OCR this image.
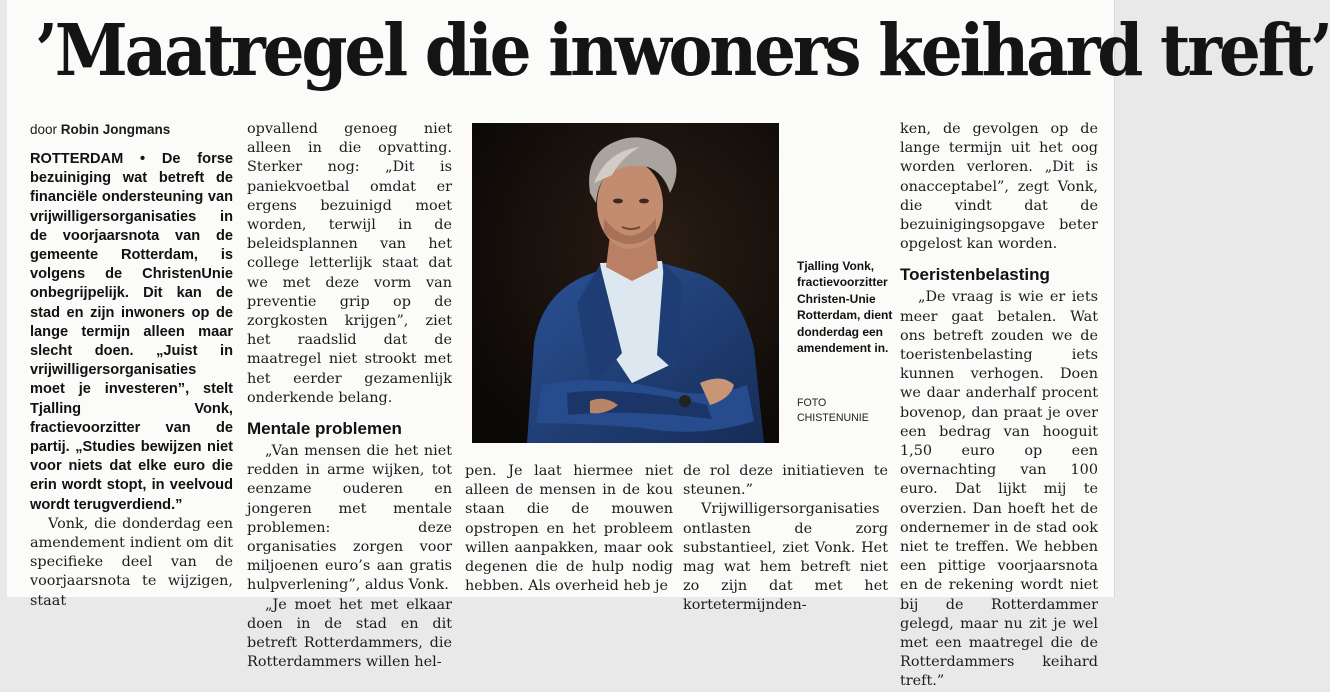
’Maatregel die inwoners keihard treft’

door Robin Jongmans

ROTTERDAM • De forse bezuiniging wat betreft de financiële ondersteuning van vrijwilligersorganisaties in de voorjaarsnota van de gemeente Rotterdam, is volgens de ChristenUnie onbegrijpelijk. Dit kan de stad en zijn inwoners op de lange termijn alleen maar slecht doen. „Juist in vrijwilligersorganisaties moet je investeren”, stelt Tjalling Vonk, fractievoorzitter van de partij. „Studies bewijzen niet voor niets dat elke euro die erin wordt stopt, in veelvoud wordt terugverdiend.”

Vonk, die donderdag een amendement indient om dit specifieke deel van de voorjaarsnota te wijzigen, staat

opvallend genoeg niet alleen in die opvatting. Sterker nog: „Dit is paniekvoetbal omdat er ergens bezuinigd moet worden, terwijl in de beleidsplannen van het college letterlijk staat dat we met deze vorm van preventie grip op de zorgkosten krijgen”, ziet het raadslid dat de maatregel niet strookt met het eerder gezamenlijk onderkende belang.

Mentale problemen

„Van mensen die het niet redden in arme wijken, tot eenzame ouderen en jongeren met mentale problemen: deze organisaties zorgen voor miljoenen euro’s aan gratis hulpverlening”, aldus Vonk.

„Je moet het met elkaar doen in de stad en dit betreft Rotterdammers, die Rotterdammers willen hel-

Tjalling Vonk, fractievoorzitter Christen-Unie Rotterdam, dient donderdag een amendement in.
FOTO CHISTENUNIE

pen. Je laat hiermee niet alleen de mensen in de kou staan die de mouwen opstropen en het probleem willen aanpakken, maar ook degenen die de hulp nodig hebben. Als overheid heb je

de rol deze initiatieven te steunen.”

Vrijwilligersorganisaties ontlasten de zorg substantieel, ziet Vonk. Het mag wat hem betreft niet zo zijn dat met het kortetermijnden-

ken, de gevolgen op de lange termijn uit het oog worden verloren. „Dit is onacceptabel”, zegt Vonk, die vindt dat de bezuinigingsopgave beter opgelost kan worden.

Toeristenbelasting

„De vraag is wie er iets meer gaat betalen. Wat ons betreft zouden we de toeristenbelasting iets kunnen verhogen. Doen we daar anderhalf procent bovenop, dan praat je over een bedrag van hooguit 1,50 euro op een overnachting van 100 euro. Dat lijkt mij te overzien. Dan hoeft het de ondernemer in de stad ook niet te treffen. We hebben een pittige voorjaarsnota en de rekening wordt niet bij de Rotterdammer gelegd, maar nu zit je wel met een maatregel die de Rotterdammers keihard treft.”
